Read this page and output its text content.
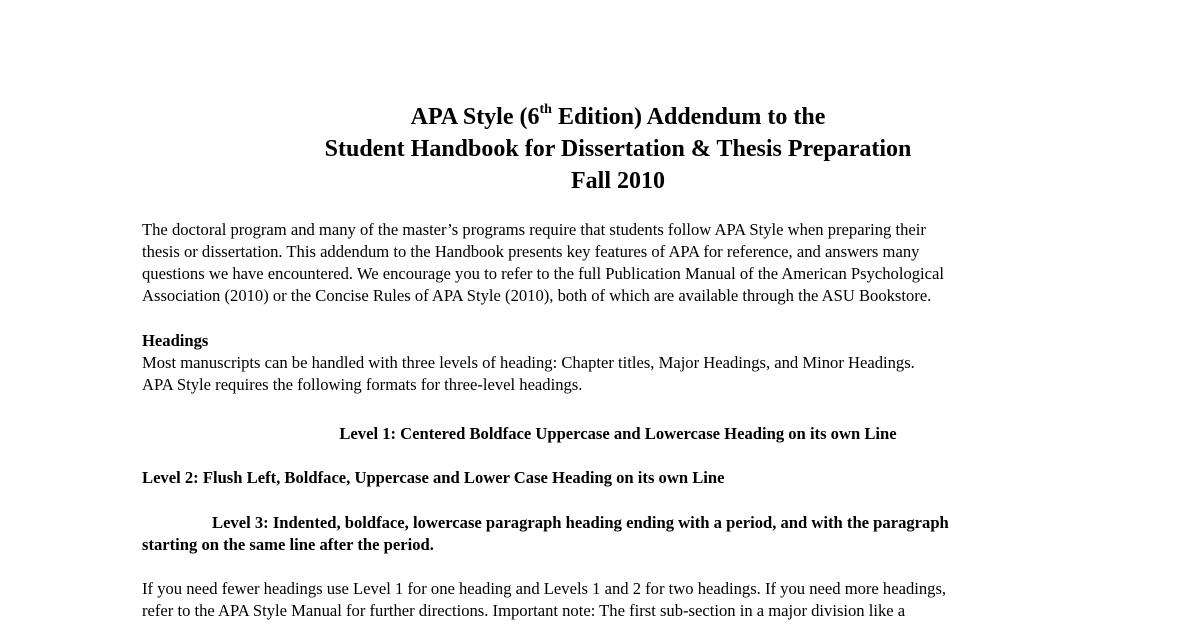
APA Style (6th Edition) Addendum to the
Student Handbook for Dissertation & Thesis Preparation
Fall 2010
The doctoral program and many of the master’s programs require that students follow APA Style when preparing their
thesis or dissertation. This addendum to the Handbook presents key features of APA for reference, and answers many
questions we have encountered. We encourage you to refer to the full Publication Manual of the American Psychological
Association (2010) or the Concise Rules of APA Style (2010), both of which are available through the ASU Bookstore.
Headings
Most manuscripts can be handled with three levels of heading: Chapter titles, Major Headings, and Minor Headings.
APA Style requires the following formats for three-level headings.
Level 1: Centered Boldface Uppercase and Lowercase Heading on its own Line
Level 2: Flush Left, Boldface, Uppercase and Lower Case Heading on its own Line
Level 3: Indented, boldface, lowercase paragraph heading ending with a period, and with the paragraph
starting on the same line after the period.
If you need fewer headings use Level 1 for one heading and Levels 1 and 2 for two headings. If you need more headings,
refer to the APA Style Manual for further directions. Important note: The first sub-section in a major division like a
